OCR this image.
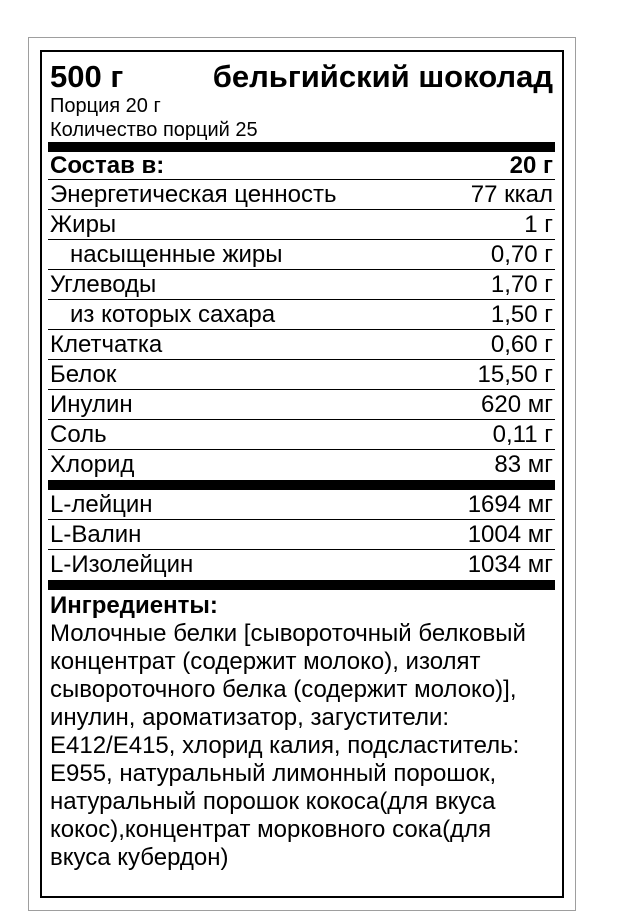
500 г	бельгийский шоколад
Порция 20 г
Количество порций 25
Состав в:	20 г
Энергетическая ценность	77 ккал
Жиры	1 г
насыщенные жиры	0,70 г
Углеводы	1,70 г
из которых сахара	1,50 г
Клетчатка	0,60 г
Белок	15,50 г
Инулин	620 мг
Соль	0,11 г
Хлорид	83 мг
L-лейцин	1694 мг
L-Валин	1004 мг
L-Изолейцин	1034 мг
Ингредиенты:
Молочные белки [сывороточный белковый
концентрат (содержит молоко), изолят
сывороточного белка (содержит молоко)],
инулин, ароматизатор, загустители:
E412/E415, хлорид калия, подсластитель:
E955, натуральный лимонный порошок,
натуральный порошок кокоса(для вкуса
кокос),концентрат морковного сока(для
вкуса кубердон)
